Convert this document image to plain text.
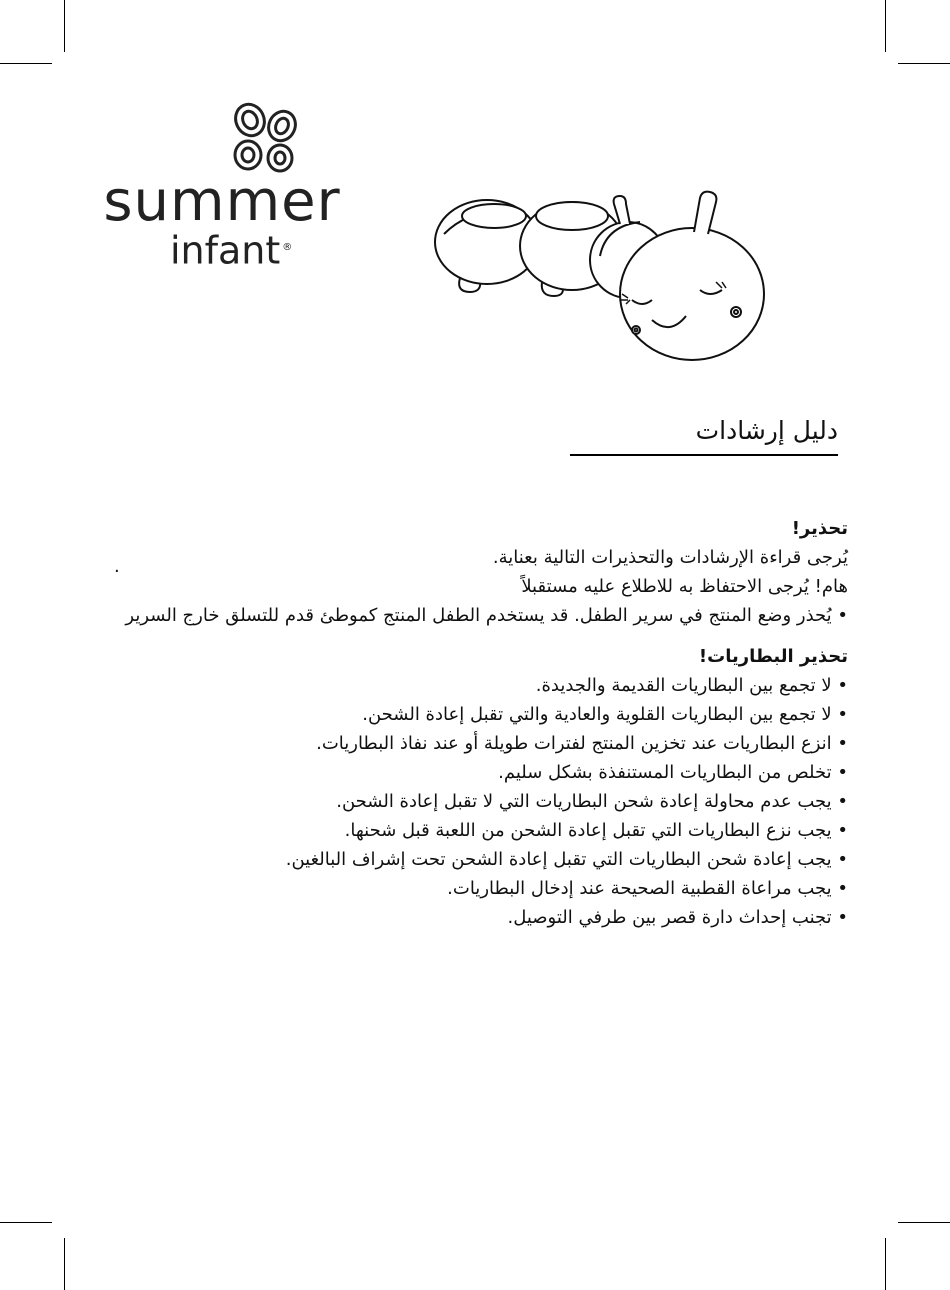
summer
infant ®
دليل إرشادات
.
تحذير!
يُرجى قراءة الإرشادات والتحذيرات التالية بعناية.
هام! يُرجى الاحتفاظ به للاطلاع عليه مستقبلاً
• يُحذر وضع المنتج في سرير الطفل. قد يستخدم الطفل المنتج كموطئ قدم للتسلق خارج السرير
تحذير البطاريات!
• لا تجمع بين البطاريات القديمة والجديدة.
• لا تجمع بين البطاريات القلوية والعادية والتي تقبل إعادة الشحن.
• انزع البطاريات عند تخزين المنتج لفترات طويلة أو عند نفاذ البطاريات.
• تخلص من البطاريات المستنفذة بشكل سليم.
• يجب عدم محاولة إعادة شحن البطاريات التي لا تقبل إعادة الشحن.
• يجب نزع البطاريات التي تقبل إعادة الشحن من اللعبة قبل شحنها.
• يجب إعادة شحن البطاريات التي تقبل إعادة الشحن تحت إشراف البالغين.
• يجب مراعاة القطبية الصحيحة عند إدخال البطاريات.
• تجنب إحداث دارة قصر بين طرفي التوصيل.
